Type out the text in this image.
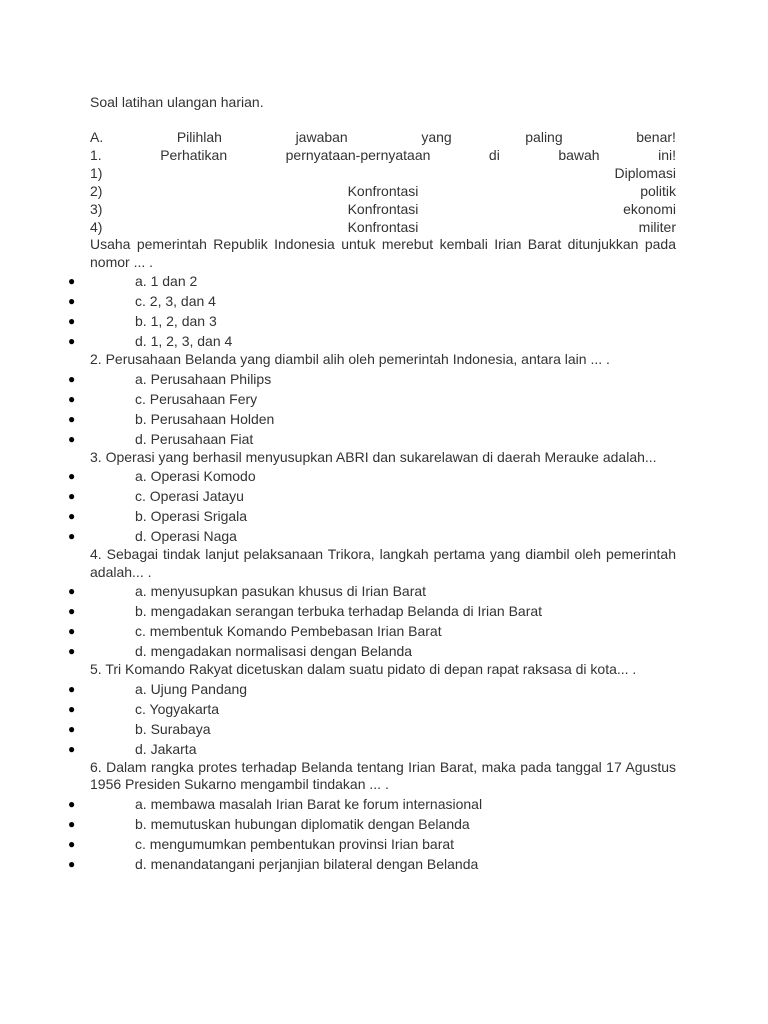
Soal latihan ulangan harian.
A.	Pilihlah	jawaban	yang	paling	benar!
1.	Perhatikan	pernyataan-pernyataan	di	bawah	ini!
1)	Diplomasi
2)	Konfrontasi	politik
3)	Konfrontasi	ekonomi
4)	Konfrontasi	militer
Usaha pemerintah Republik Indonesia untuk merebut kembali Irian Barat ditunjukkan pada nomor ... .
●	a. 1 dan 2
●	c. 2, 3, dan 4
●	b. 1, 2, dan 3
●	d. 1, 2, 3, dan 4
2. Perusahaan Belanda yang diambil alih oleh pemerintah Indonesia, antara lain ... .
●	a. Perusahaan Philips
●	c. Perusahaan Fery
●	b. Perusahaan Holden
●	d. Perusahaan Fiat
3. Operasi yang berhasil menyusupkan ABRI dan sukarelawan di daerah Merauke adalah...
●	a. Operasi Komodo
●	c. Operasi Jatayu
●	b. Operasi Srigala
●	d. Operasi Naga
4. Sebagai tindak lanjut pelaksanaan Trikora, langkah pertama yang diambil oleh pemerintah adalah... .
●	a. menyusupkan pasukan khusus di Irian Barat
●	b. mengadakan serangan terbuka terhadap Belanda di Irian Barat
●	c. membentuk Komando Pembebasan Irian Barat
●	d. mengadakan normalisasi dengan Belanda
5. Tri Komando Rakyat dicetuskan dalam suatu pidato di depan rapat raksasa di kota... .
●	a. Ujung Pandang
●	c. Yogyakarta
●	b. Surabaya
●	d. Jakarta
6. Dalam rangka protes terhadap Belanda tentang Irian Barat, maka pada tanggal 17 Agustus 1956 Presiden Sukarno mengambil tindakan ... .
●	a. membawa masalah Irian Barat ke forum internasional
●	b. memutuskan hubungan diplomatik dengan Belanda
●	c. mengumumkan pembentukan provinsi Irian barat
●	d. menandatangani perjanjian bilateral dengan Belanda
